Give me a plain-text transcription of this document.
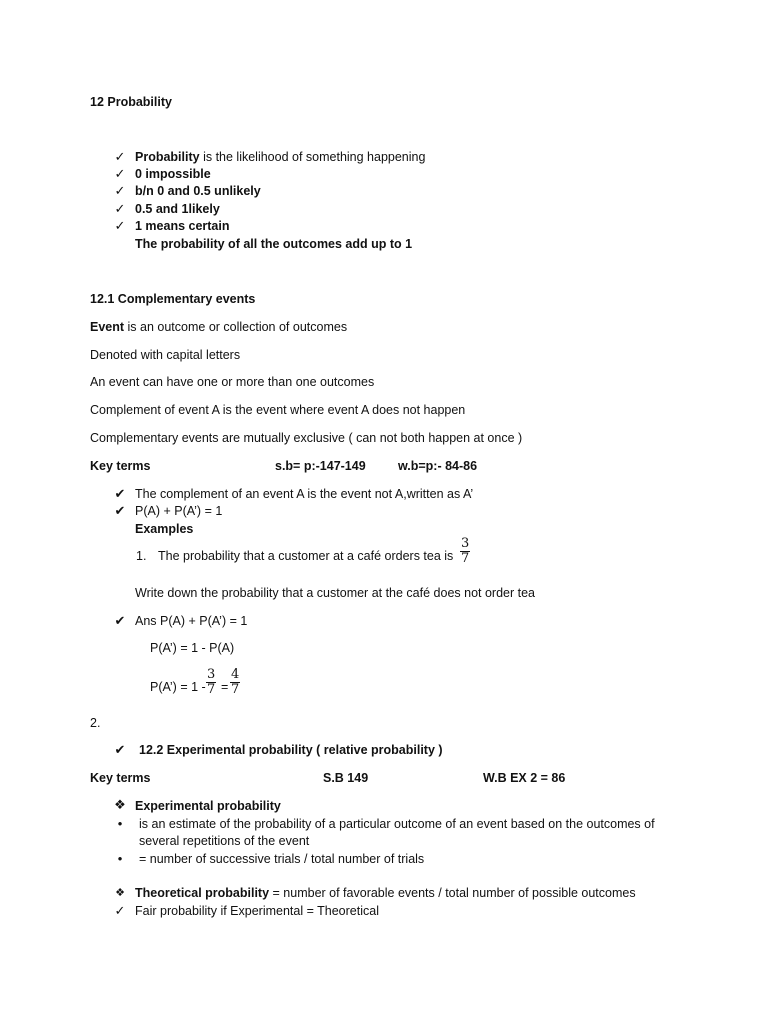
12 Probability
✓ Probability is the likelihood of something happening
✓ 0 impossible
✓ b/n 0 and 0.5 unlikely
✓ 0.5 and 1likely
✓ 1 means certain
The probability of all the outcomes add up to 1
12.1 Complementary events
Event is an outcome or collection of outcomes
Denoted with capital letters
An event can have one or more than one outcomes
Complement of event A is the event where event A does not happen
Complementary events are mutually exclusive ( can not both happen at once )
Key terms	s.b= p:-147-149	w.b=p:- 84-86
✔ The complement of an event A is the event not A,written as A’
✔ P(A) + P(A’) = 1
Examples
1. The probability that a customer at a café orders tea is
3
7
Write down the probability that a customer at the café does not order tea
✔ Ans P(A) + P(A’) = 1
P(A’) = 1 - P(A)
P(A’) = 1 -
3
7 =
4
7
2.
✔ 12.2 Experimental probability ( relative probability )
Key terms	S.B 149	W.B EX 2 = 86
❖ Experimental probability
•	is an estimate of the probability of a particular outcome of an event based on the outcomes of
several repetitions of the event
•	= number of successive trials / total number of trials
❖ Theoretical probability = number of favorable events / total number of possible outcomes
✓ Fair probability if Experimental = Theoretical
